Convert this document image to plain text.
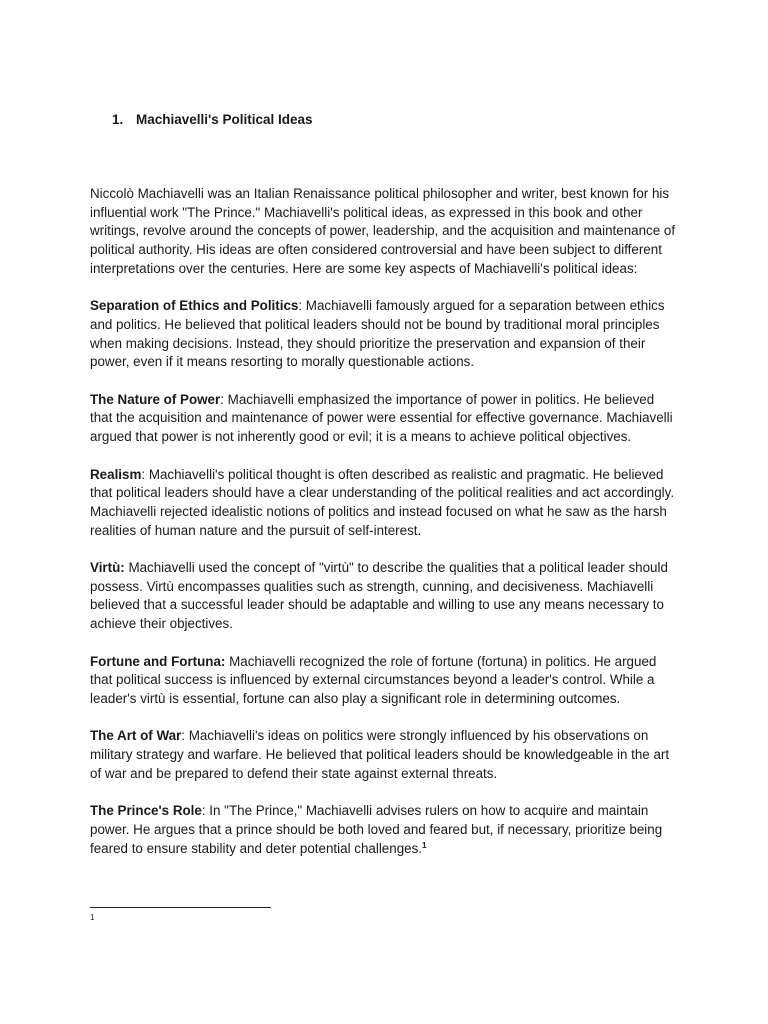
1. Machiavelli's Political Ideas

Niccolò Machiavelli was an Italian Renaissance political philosopher and writer, best known for his influential work "The Prince." Machiavelli's political ideas, as expressed in this book and other writings, revolve around the concepts of power, leadership, and the acquisition and maintenance of political authority. His ideas are often considered controversial and have been subject to different interpretations over the centuries. Here are some key aspects of Machiavelli's political ideas:

Separation of Ethics and Politics: Machiavelli famously argued for a separation between ethics and politics. He believed that political leaders should not be bound by traditional moral principles when making decisions. Instead, they should prioritize the preservation and expansion of their power, even if it means resorting to morally questionable actions.

The Nature of Power: Machiavelli emphasized the importance of power in politics. He believed that the acquisition and maintenance of power were essential for effective governance. Machiavelli argued that power is not inherently good or evil; it is a means to achieve political objectives.

Realism: Machiavelli's political thought is often described as realistic and pragmatic. He believed that political leaders should have a clear understanding of the political realities and act accordingly. Machiavelli rejected idealistic notions of politics and instead focused on what he saw as the harsh realities of human nature and the pursuit of self-interest.

Virtù: Machiavelli used the concept of "virtù" to describe the qualities that a political leader should possess. Virtù encompasses qualities such as strength, cunning, and decisiveness. Machiavelli believed that a successful leader should be adaptable and willing to use any means necessary to achieve their objectives.

Fortune and Fortuna: Machiavelli recognized the role of fortune (fortuna) in politics. He argued that political success is influenced by external circumstances beyond a leader's control. While a leader's virtù is essential, fortune can also play a significant role in determining outcomes.

The Art of War: Machiavelli's ideas on politics were strongly influenced by his observations on military strategy and warfare. He believed that political leaders should be knowledgeable in the art of war and be prepared to defend their state against external threats.

The Prince's Role: In "The Prince," Machiavelli advises rulers on how to acquire and maintain power. He argues that a prince should be both loved and feared but, if necessary, prioritize being feared to ensure stability and deter potential challenges.$^1$

1
